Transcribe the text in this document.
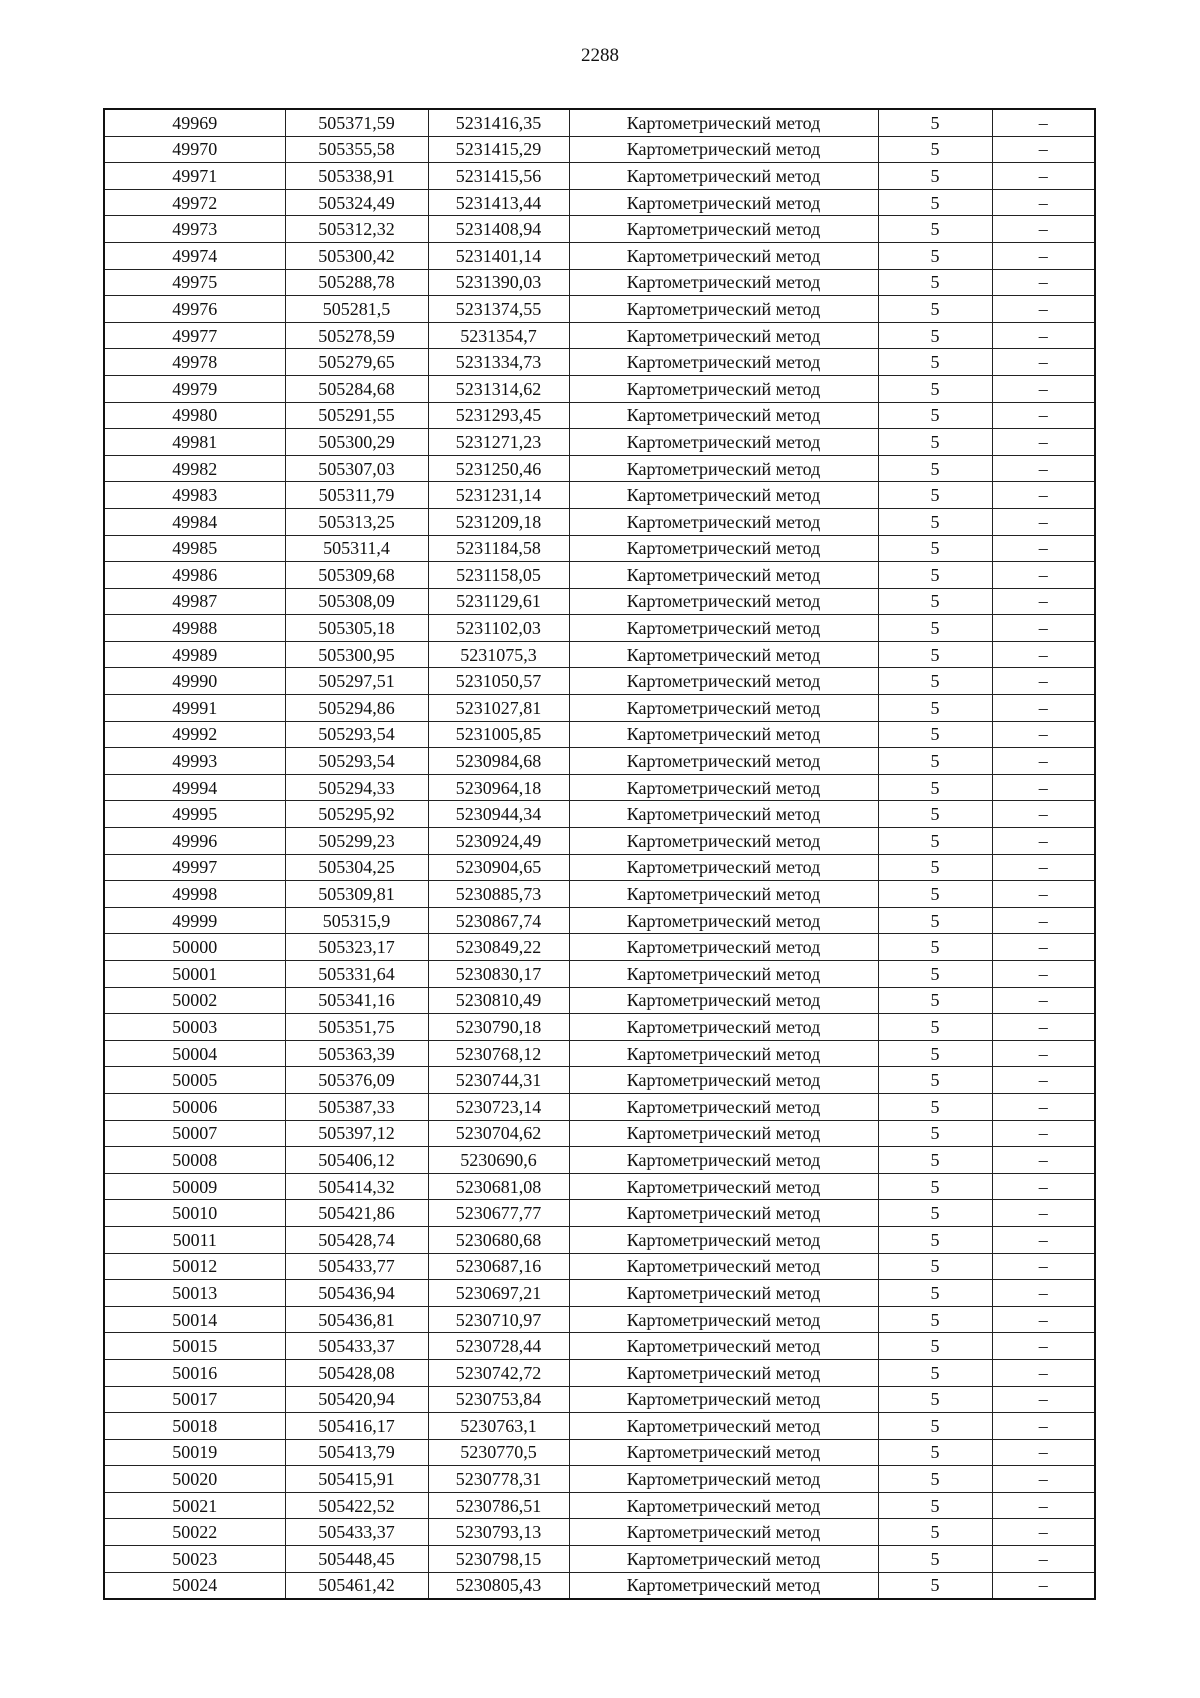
2288
49969	505371,59	5231416,35	Картометрический метод	5	–
49970	505355,58	5231415,29	Картометрический метод	5	–
49971	505338,91	5231415,56	Картометрический метод	5	–
49972	505324,49	5231413,44	Картометрический метод	5	–
49973	505312,32	5231408,94	Картометрический метод	5	–
49974	505300,42	5231401,14	Картометрический метод	5	–
49975	505288,78	5231390,03	Картометрический метод	5	–
49976	505281,5	5231374,55	Картометрический метод	5	–
49977	505278,59	5231354,7	Картометрический метод	5	–
49978	505279,65	5231334,73	Картометрический метод	5	–
49979	505284,68	5231314,62	Картометрический метод	5	–
49980	505291,55	5231293,45	Картометрический метод	5	–
49981	505300,29	5231271,23	Картометрический метод	5	–
49982	505307,03	5231250,46	Картометрический метод	5	–
49983	505311,79	5231231,14	Картометрический метод	5	–
49984	505313,25	5231209,18	Картометрический метод	5	–
49985	505311,4	5231184,58	Картометрический метод	5	–
49986	505309,68	5231158,05	Картометрический метод	5	–
49987	505308,09	5231129,61	Картометрический метод	5	–
49988	505305,18	5231102,03	Картометрический метод	5	–
49989	505300,95	5231075,3	Картометрический метод	5	–
49990	505297,51	5231050,57	Картометрический метод	5	–
49991	505294,86	5231027,81	Картометрический метод	5	–
49992	505293,54	5231005,85	Картометрический метод	5	–
49993	505293,54	5230984,68	Картометрический метод	5	–
49994	505294,33	5230964,18	Картометрический метод	5	–
49995	505295,92	5230944,34	Картометрический метод	5	–
49996	505299,23	5230924,49	Картометрический метод	5	–
49997	505304,25	5230904,65	Картометрический метод	5	–
49998	505309,81	5230885,73	Картометрический метод	5	–
49999	505315,9	5230867,74	Картометрический метод	5	–
50000	505323,17	5230849,22	Картометрический метод	5	–
50001	505331,64	5230830,17	Картометрический метод	5	–
50002	505341,16	5230810,49	Картометрический метод	5	–
50003	505351,75	5230790,18	Картометрический метод	5	–
50004	505363,39	5230768,12	Картометрический метод	5	–
50005	505376,09	5230744,31	Картометрический метод	5	–
50006	505387,33	5230723,14	Картометрический метод	5	–
50007	505397,12	5230704,62	Картометрический метод	5	–
50008	505406,12	5230690,6	Картометрический метод	5	–
50009	505414,32	5230681,08	Картометрический метод	5	–
50010	505421,86	5230677,77	Картометрический метод	5	–
50011	505428,74	5230680,68	Картометрический метод	5	–
50012	505433,77	5230687,16	Картометрический метод	5	–
50013	505436,94	5230697,21	Картометрический метод	5	–
50014	505436,81	5230710,97	Картометрический метод	5	–
50015	505433,37	5230728,44	Картометрический метод	5	–
50016	505428,08	5230742,72	Картометрический метод	5	–
50017	505420,94	5230753,84	Картометрический метод	5	–
50018	505416,17	5230763,1	Картометрический метод	5	–
50019	505413,79	5230770,5	Картометрический метод	5	–
50020	505415,91	5230778,31	Картометрический метод	5	–
50021	505422,52	5230786,51	Картометрический метод	5	–
50022	505433,37	5230793,13	Картометрический метод	5	–
50023	505448,45	5230798,15	Картометрический метод	5	–
50024	505461,42	5230805,43	Картометрический метод	5	–
